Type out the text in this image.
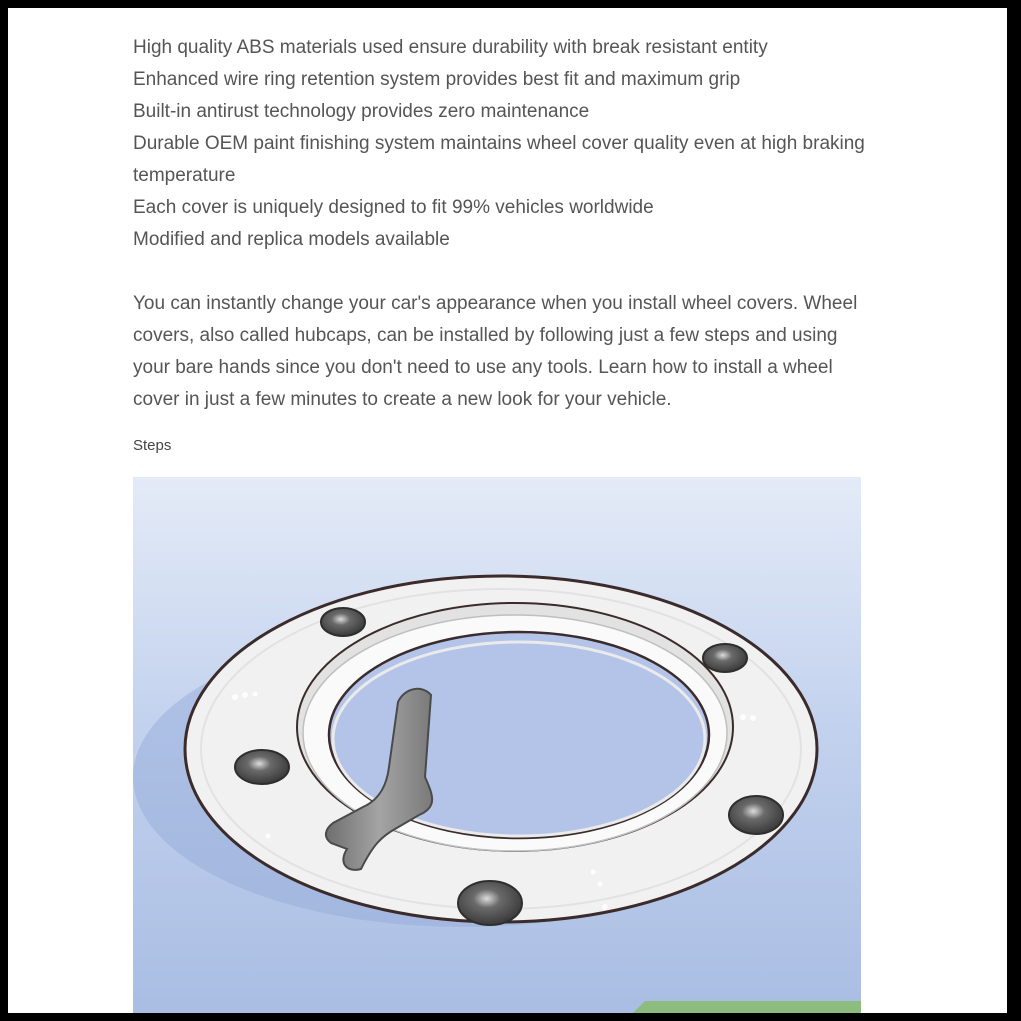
High quality ABS materials used ensure durability with break resistant entity
Enhanced wire ring retention system provides best fit and maximum grip
Built-in antirust technology provides zero maintenance
Durable OEM paint finishing system maintains wheel cover quality even at high braking temperature
Each cover is uniquely designed to fit 99% vehicles worldwide
Modified and replica models available

You can instantly change your car's appearance when you install wheel covers. Wheel covers, also called hubcaps, can be installed by following just a few steps and using your bare hands since you don't need to use any tools. Learn how to install a wheel cover in just a few minutes to create a new look for your vehicle.

Steps
